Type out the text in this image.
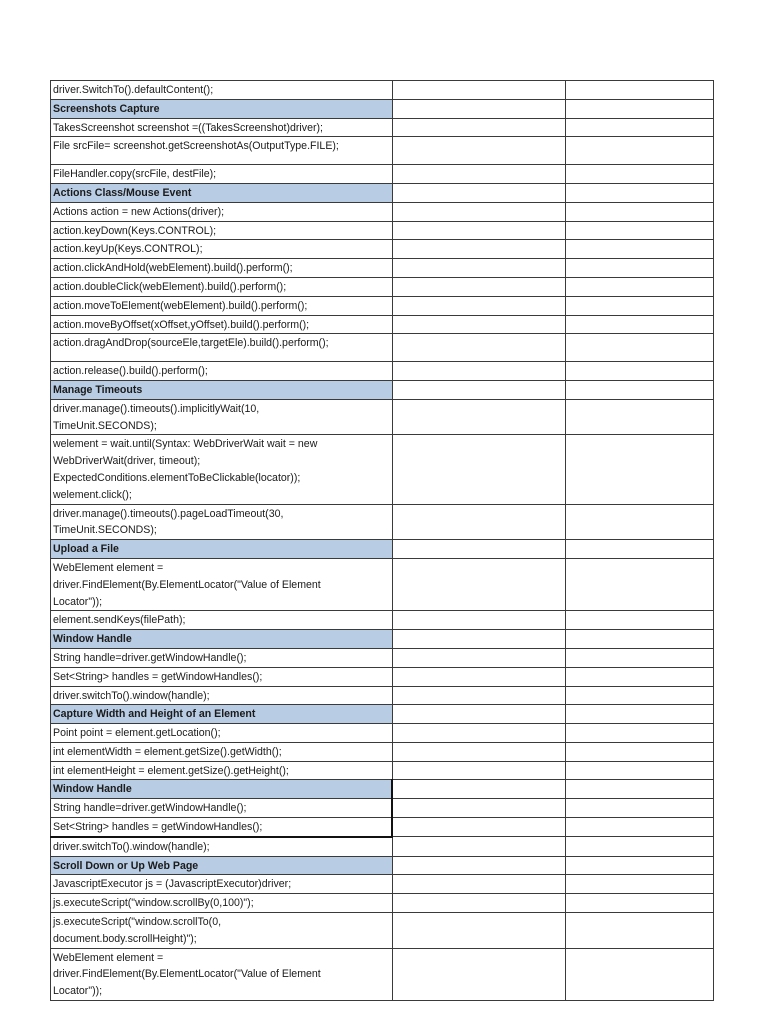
driver.SwitchTo().defaultContent();		

Screenshots Capture		

TakesScreenshot screenshot =((TakesScreenshot)driver);		

File srcFile= screenshot.getScreenshotAs(OutputType.FILE);		

FileHandler.copy(srcFile, destFile);		

Actions Class/Mouse Event		

Actions action = new Actions(driver);		

action.keyDown(Keys.CONTROL);		

action.keyUp(Keys.CONTROL);		

action.clickAndHold(webElement).build().perform();		

action.doubleClick(webElement).build().perform();		

action.moveToElement(webElement).build().perform();		

action.moveByOffset(xOffset,yOffset).build().perform();		

action.dragAndDrop(sourceEle,targetEle).build().perform();		

action.release().build().perform();		

Manage Timeouts		

driver.manage().timeouts().implicitlyWait(10,
TimeUnit.SECONDS);		

welement = wait.until(Syntax: WebDriverWait wait = new
WebDriverWait(driver, timeout);
ExpectedConditions.elementToBeClickable(locator));
welement.click();		

driver.manage().timeouts().pageLoadTimeout(30,
TimeUnit.SECONDS);		

Upload a File		

WebElement element =
driver.FindElement(By.ElementLocator("Value of Element
Locator"));		

element.sendKeys(filePath);		

Window Handle		

String handle=driver.getWindowHandle();		

Set<String> handles = getWindowHandles();		

driver.switchTo().window(handle);		

Capture Width and Height of an Element		

Point point = element.getLocation();		

int elementWidth = element.getSize().getWidth();		

int elementHeight = element.getSize().getHeight();		

Window Handle		

String handle=driver.getWindowHandle();		

Set<String> handles = getWindowHandles();		

driver.switchTo().window(handle);		

Scroll Down or Up Web Page		

JavascriptExecutor js = (JavascriptExecutor)driver;		

js.executeScript("window.scrollBy(0,100)");		

js.executeScript("window.scrollTo(0,
document.body.scrollHeight)");		

WebElement element =
driver.FindElement(By.ElementLocator("Value of Element
Locator"));		
